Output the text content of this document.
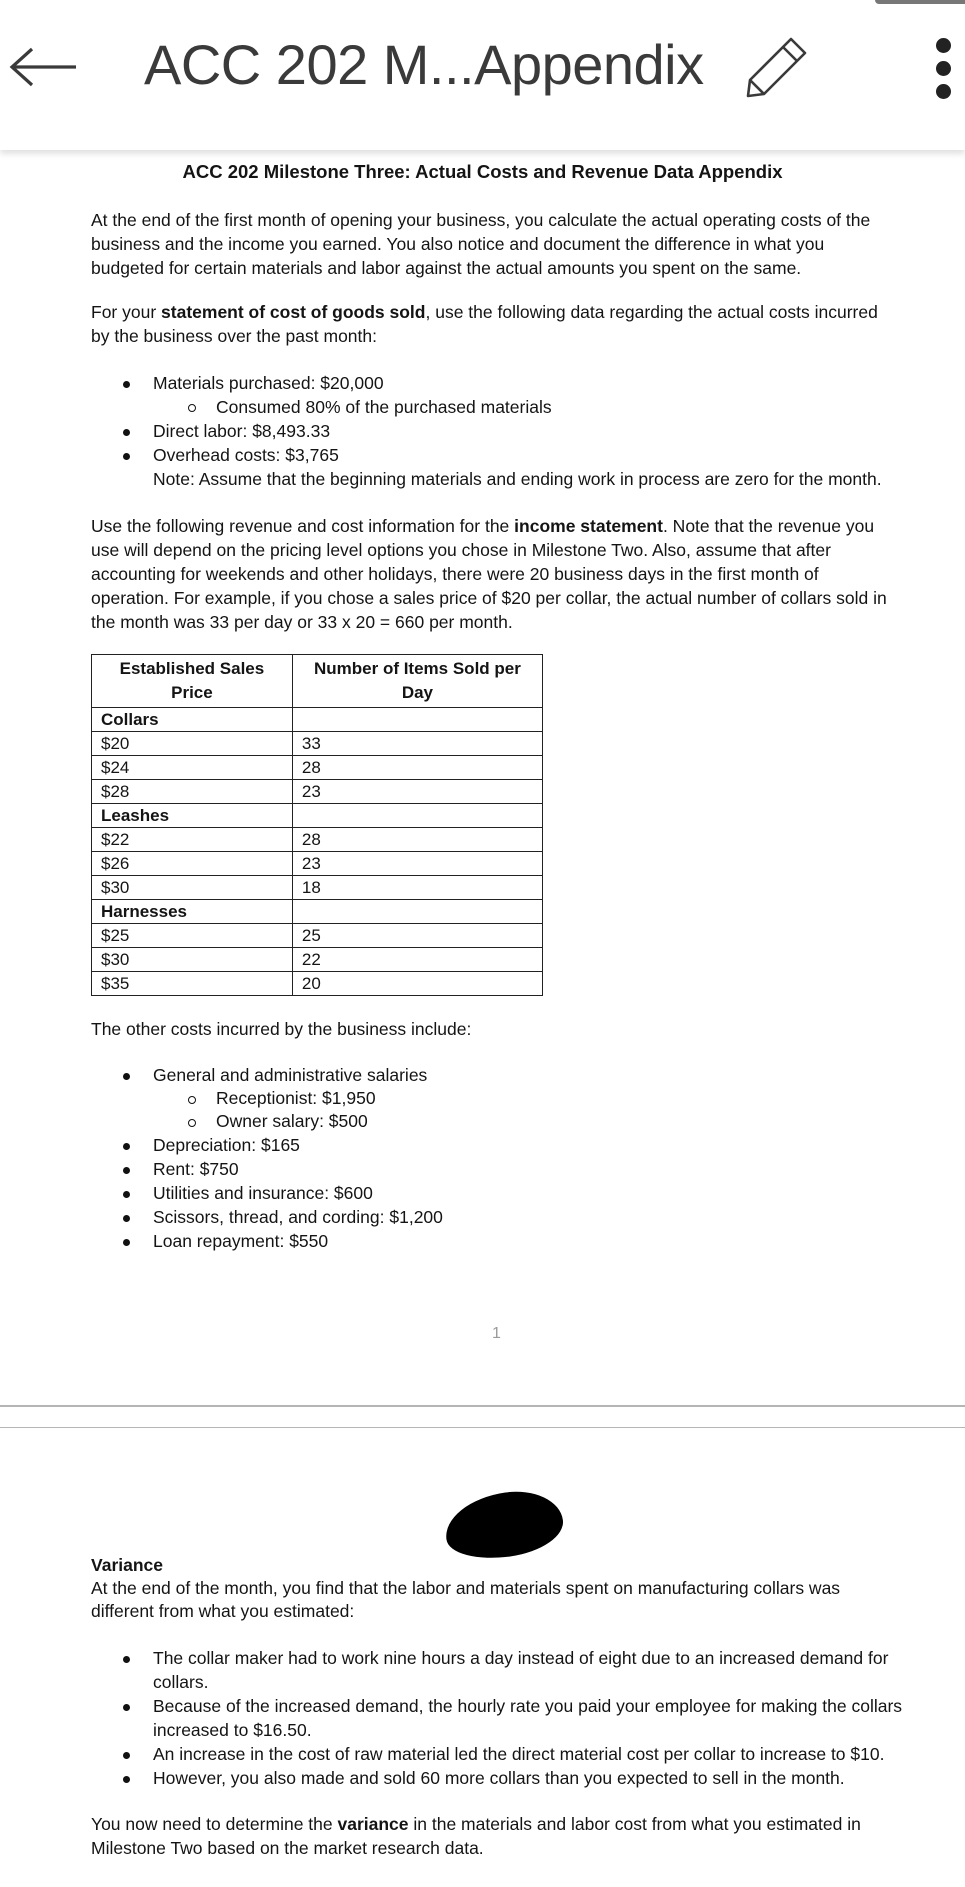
ACC 202 M...Appendix
ACC 202 Milestone Three: Actual Costs and Revenue Data Appendix
At the end of the first month of opening your business, you calculate the actual operating costs of the business and the income you earned. You also notice and document the difference in what you budgeted for certain materials and labor against the actual amounts you spent on the same.
For your statement of cost of goods sold, use the following data regarding the actual costs incurred by the business over the past month:
Materials purchased: $20,000
Consumed 80% of the purchased materials
Direct labor: $8,493.33
Overhead costs: $3,765
Note: Assume that the beginning materials and ending work in process are zero for the month.
Use the following revenue and cost information for the income statement. Note that the revenue you use will depend on the pricing level options you chose in Milestone Two. Also, assume that after accounting for weekends and other holidays, there were 20 business days in the first month of operation. For example, if you chose a sales price of $20 per collar, the actual number of collars sold in the month was 33 per day or 33 x 20 = 660 per month.
Established Sales Price	Number of Items Sold per Day
Collars	
$20	33
$24	28
$28	23
Leashes	
$22	28
$26	23
$30	18
Harnesses	
$25	25
$30	22
$35	20
The other costs incurred by the business include:
General and administrative salaries
Receptionist: $1,950
Owner salary: $500
Depreciation: $165
Rent: $750
Utilities and insurance: $600
Scissors, thread, and cording: $1,200
Loan repayment: $550
1
Variance
At the end of the month, you find that the labor and materials spent on manufacturing collars was different from what you estimated:
The collar maker had to work nine hours a day instead of eight due to an increased demand for collars.
Because of the increased demand, the hourly rate you paid your employee for making the collars increased to $16.50.
An increase in the cost of raw material led the direct material cost per collar to increase to $10.
However, you also made and sold 60 more collars than you expected to sell in the month.
You now need to determine the variance in the materials and labor cost from what you estimated in Milestone Two based on the market research data.
